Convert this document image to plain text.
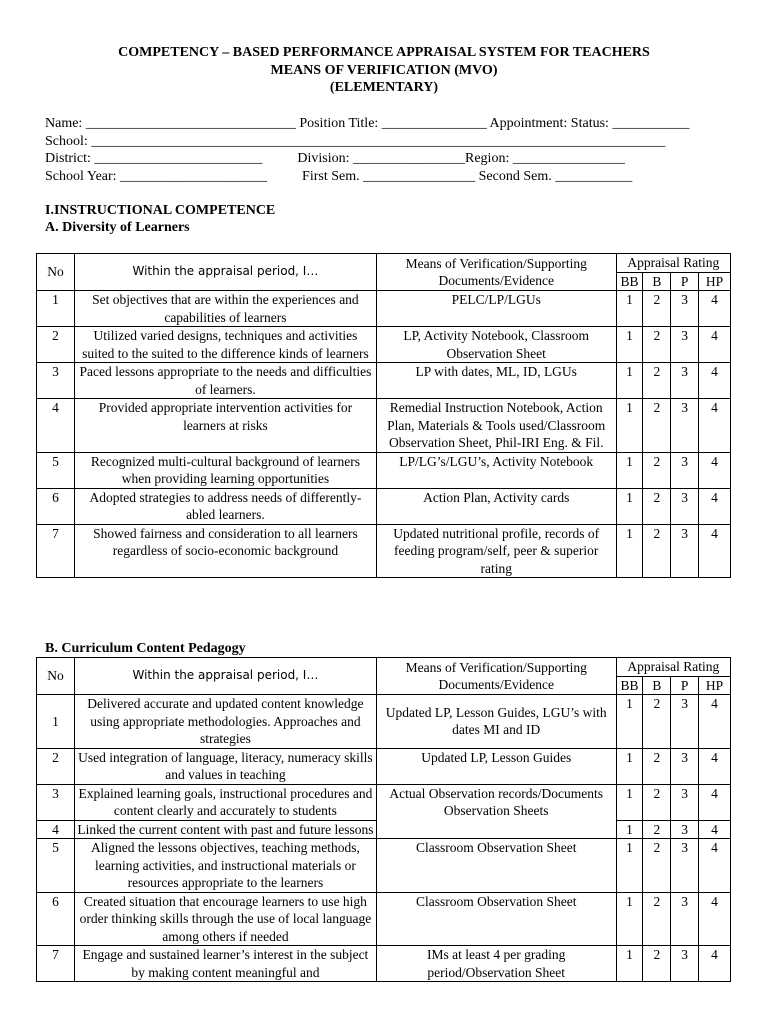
COMPETENCY – BASED PERFORMANCE APPRAISAL SYSTEM FOR TEACHERS
MEANS OF VERIFICATION (MVO)
(ELEMENTARY)
Name: ______________________________ Position Title: _______________ Appointment: Status: ___________
School: __________________________________________________________________________________
District: ________________________          Division: ________________Region: ________________
School Year: _____________________          First Sem. ________________ Second Sem. ___________
I.INSTRUCTIONAL COMPETENCE
A. Diversity of Learners
No	Within the appraisal period, I…	Means of Verification/Supporting Documents/Evidence	Appraisal Rating			
			BB	B	P	HP
1	Set objectives that are within the experiences and capabilities of learners	PELC/LP/LGUs	1	2	3	4
2	Utilized varied designs, techniques and activities suited to the suited to the difference kinds of learners	LP, Activity Notebook, Classroom Observation Sheet	1	2	3	4
3	Paced lessons appropriate to the needs and difficulties of learners.	LP with dates, ML, ID, LGUs	1	2	3	4
4	Provided appropriate intervention activities for learners at risks	Remedial Instruction Notebook, Action Plan, Materials & Tools used/Classroom Observation Sheet, Phil-IRI Eng. & Fil.	1	2	3	4
5	Recognized multi-cultural background of learners when providing learning opportunities	LP/LG’s/LGU’s, Activity Notebook	1	2	3	4
6	Adopted strategies to address needs of differently-abled learners.	Action Plan, Activity cards	1	2	3	4
7	Showed fairness and consideration to all learners regardless of socio-economic background	Updated nutritional profile, records of feeding program/self, peer & superior rating	1	2	3	4
B. Curriculum Content Pedagogy
No	Within the appraisal period, I…	Means of Verification/Supporting Documents/Evidence	Appraisal Rating			
			BB	B	P	HP
1	Delivered accurate and updated content knowledge using appropriate methodologies. Approaches and strategies	Updated LP, Lesson Guides, LGU’s with dates MI and ID	1	2	3	4
2	Used integration of language, literacy, numeracy skills and values in teaching	Updated LP, Lesson Guides	1	2	3	4
3	Explained learning goals, instructional procedures and content clearly and accurately to students	Actual Observation records/Documents Observation Sheets	1	2	3	4
4	Linked the current content with past and future lessons		1	2	3	4
5	Aligned the lessons objectives, teaching methods, learning activities, and instructional materials or resources appropriate to the learners	Classroom Observation Sheet	1	2	3	4
6	Created situation that encourage learners to use high order thinking skills through the use of local language among others if needed	Classroom Observation Sheet	1	2	3	4
7	Engage and sustained learner’s interest in the subject by making content meaningful and	IMs at least 4 per grading period/Observation Sheet	1	2	3	4
